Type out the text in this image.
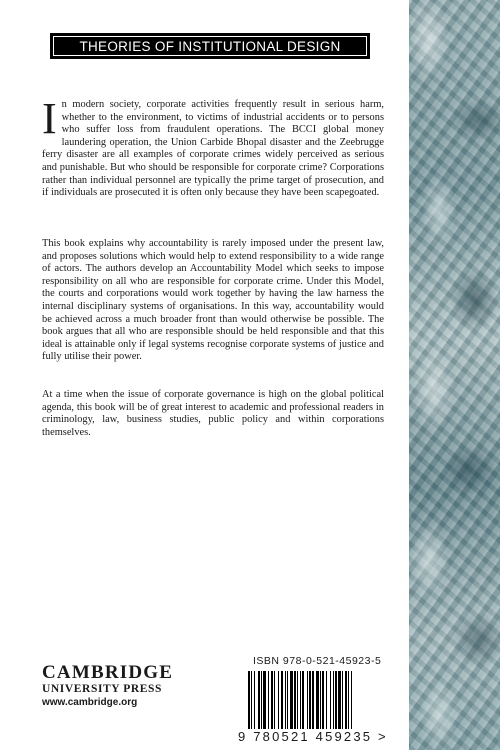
THEORIES OF INSTITUTIONAL DESIGN
In modern society, corporate activities frequently result in serious harm, whether to the environment, to victims of industrial accidents or to persons who suffer loss from fraudulent operations. The BCCI global money laundering operation, the Union Carbide Bhopal disaster and the Zeebrugge ferry disaster are all examples of corporate crimes widely perceived as serious and punishable. But who should be responsible for corporate crime? Corporations rather than individual personnel are typically the prime target of prosecution, and if individuals are prosecuted it is often only because they have been scapegoated.
This book explains why accountability is rarely imposed under the present law, and proposes solutions which would help to extend responsibility to a wide range of actors. The authors develop an Accountability Model which seeks to impose responsibility on all who are responsible for corporate crime. Under this Model, the courts and corporations would work together by having the law harness the internal disciplinary systems of organisations. In this way, accountability would be achieved across a much broader front than would otherwise be possible. The book argues that all who are responsible should be held responsible and that this ideal is attainable only if legal systems recognise corporate systems of justice and fully utilise their power.
At a time when the issue of corporate governance is high on the global political agenda, this book will be of great interest to academic and professional readers in criminology, law, business studies, public policy and within corporations themselves.
CAMBRIDGE
UNIVERSITY PRESS
www.cambridge.org
ISBN 978-0-521-45923-5
9 780521 459235 >
